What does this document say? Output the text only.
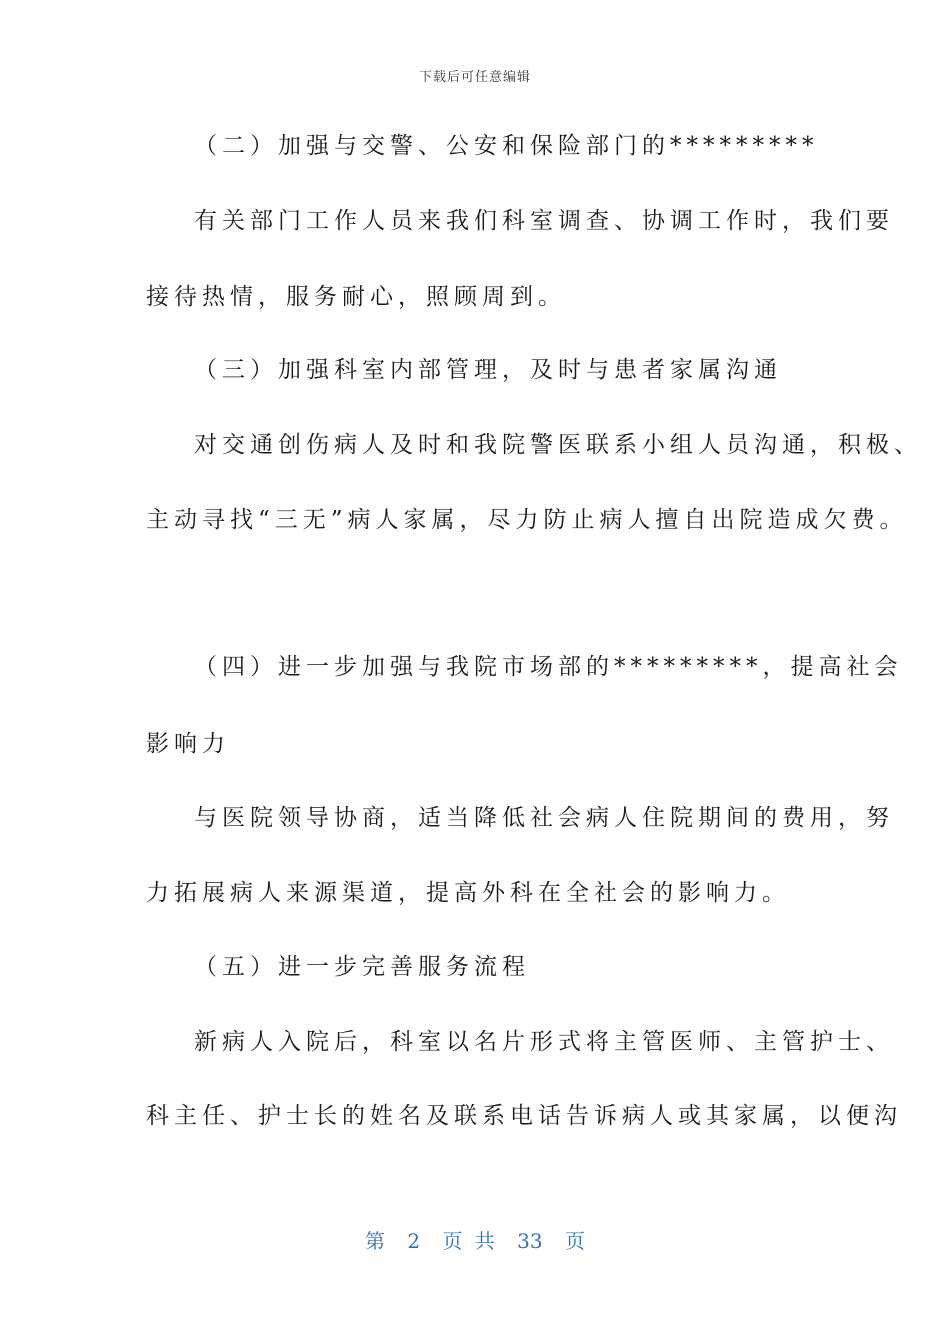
下载后可任意编辑
（二）加强与交警、公安和保险部门的*********
有关部门工作人员来我们科室调查、协调工作时，我们要
接待热情，服务耐心，照顾周到。
（三）加强科室内部管理，及时与患者家属沟通
对交通创伤病人及时和我院警医联系小组人员沟通，积极、
主动寻找“三无”病人家属，尽力防止病人擅自出院造成欠费。
（四）进一步加强与我院市场部的*********，提高社会
影响力
与医院领导协商，适当降低社会病人住院期间的费用，努
力拓展病人来源渠道，提高外科在全社会的影响力。
（五）进一步完善服务流程
新病人入院后，科室以名片形式将主管医师、主管护士、
科主任、护士长的姓名及联系电话告诉病人或其家属，以便沟
第 2 页 共 33 页
